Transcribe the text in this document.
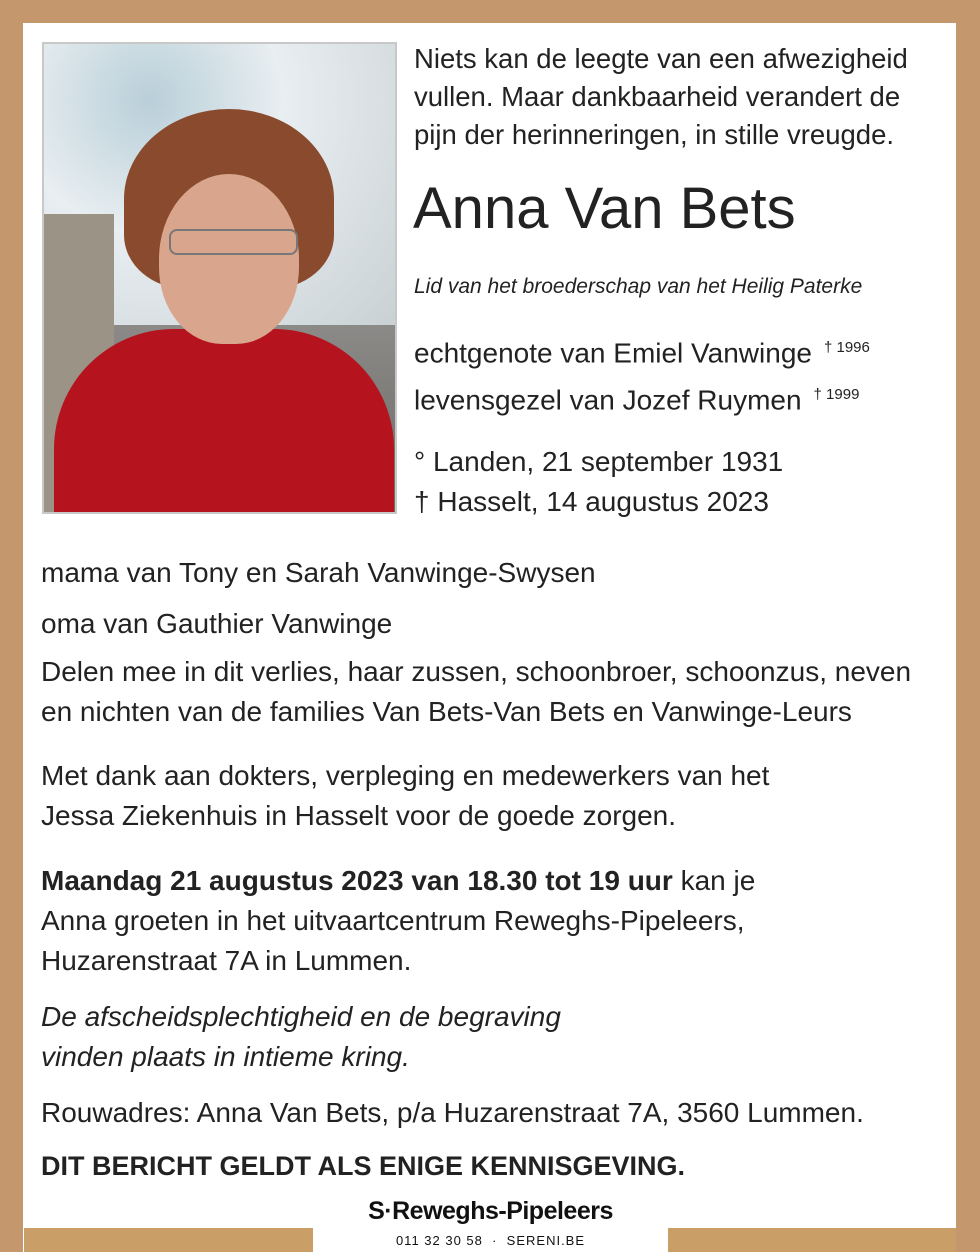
Niets kan de leegte van een afwezigheid
vullen. Maar dankbaarheid verandert de
pijn der herinneringen, in stille vreugde.
Anna Van Bets
Lid van het broederschap van het Heilig Paterke
echtgenote van Emiel Vanwinge $^{\dagger 1996}$
levensgezel van Jozef Ruymen $^{\dagger 1999}$
° Landen, 21 september 1931
† Hasselt, 14 augustus 2023
mama van Tony en Sarah Vanwinge-Swysen
oma van Gauthier Vanwinge
Delen mee in dit verlies, haar zussen, schoonbroer, schoonzus, neven
en nichten van de families Van Bets-Van Bets en Vanwinge-Leurs
Met dank aan dokters, verpleging en medewerkers van het
Jessa Ziekenhuis in Hasselt voor de goede zorgen.
Maandag 21 augustus 2023 van 18.30 tot 19 uur kan je
Anna groeten in het uitvaartcentrum Reweghs-Pipeleers,
Huzarenstraat 7A in Lummen.
De afscheidsplechtigheid en de begraving
vinden plaats in intieme kring.
Rouwadres: Anna Van Bets, p/a Huzarenstraat 7A, 3560 Lummen.
DIT BERICHT GELDT ALS ENIGE KENNISGEVING.
S·Reweghs-Pipeleers
011 32 30 58  ·  SERENI.BE
